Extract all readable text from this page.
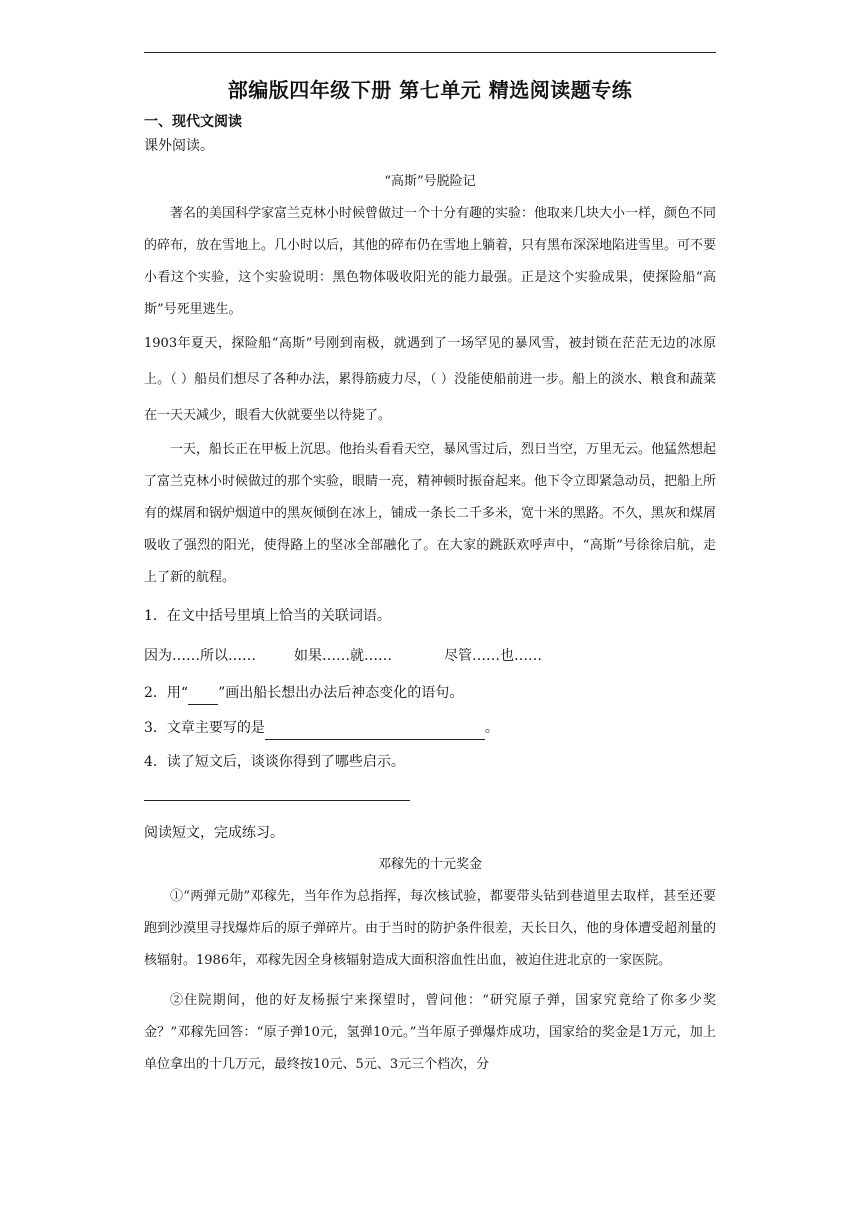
部编版四年级下册 第七单元 精选阅读题专练

一、现代文阅读

课外阅读。

“高斯”号脱险记

著名的美国科学家富兰克林小时候曾做过一个十分有趣的实验：他取来几块大小一样，颜色不同的碎布，放在雪地上。几小时以后，其他的碎布仍在雪地上躺着，只有黑布深深地陷进雪里。可不要小看这个实验，这个实验说明：黑色物体吸收阳光的能力最强。正是这个实验成果，使探险船“高斯”号死里逃生。

1903年夏天，探险船“高斯”号刚到南极，就遇到了一场罕见的暴风雪，被封锁在茫茫无边的冰原上。（ ）船员们想尽了各种办法，累得筋疲力尽，（ ）没能使船前进一步。船上的淡水、粮食和蔬菜在一天天减少，眼看大伙就要坐以待毙了。

一天，船长正在甲板上沉思。他抬头看看天空，暴风雪过后，烈日当空，万里无云。他猛然想起了富兰克林小时候做过的那个实验，眼睛一亮，精神顿时振奋起来。他下令立即紧急动员，把船上所有的煤屑和锅炉烟道中的黑灰倾倒在冰上，铺成一条长二千多米，宽十米的黑路。不久，黑灰和煤屑吸收了强烈的阳光，使得路上的坚冰全部融化了。在大家的跳跃欢呼声中，“高斯”号徐徐启航，走上了新的航程。

1．在文中括号里填上恰当的关联词语。

因为……所以……	如果……就……	尽管……也……

2．用“ ”画出船长想出办法后神态变化的语句。

3．文章主要写的是	。

4．读了短文后，谈谈你得到了哪些启示。

阅读短文，完成练习。

邓稼先的十元奖金

①“两弹元勋”邓稼先，当年作为总指挥，每次核试验，都要带头钻到巷道里去取样，甚至还要跑到沙漠里寻找爆炸后的原子弹碎片。由于当时的防护条件很差，天长日久，他的身体遭受超剂量的核辐射。1986年，邓稼先因全身核辐射造成大面积溶血性出血，被迫住进北京的一家医院。

②住院期间，他的好友杨振宁来探望时，曾问他：“研究原子弹，国家究竟给了你多少奖金？”邓稼先回答：“原子弹10元，氢弹10元。”当年原子弹爆炸成功，国家给的奖金是1万元，加上单位拿出的十几万元，最终按10元、5元、3元三个档次，分
